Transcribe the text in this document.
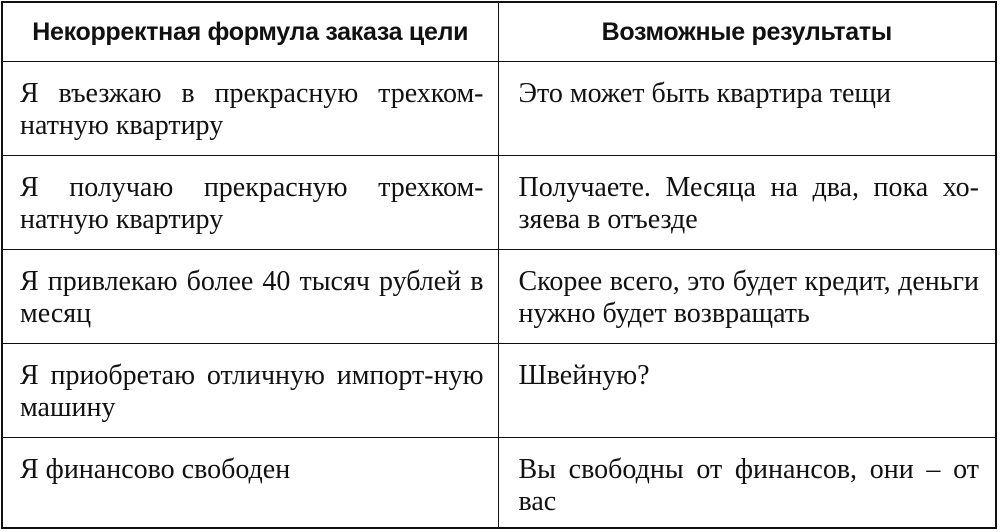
Некорректная формула заказа цели	Возможные результаты
Я въезжаю в прекрасную трехком-натную квартиру	Это может быть квартира тещи
Я получаю прекрасную трехком-натную квартиру	Получаете. Месяца на два, пока хо-зяева в отъезде
Я привлекаю более 40 тысяч рублей в месяц	Скорее всего, это будет кредит, деньги нужно будет возвращать
Я приобретаю отличную импорт-ную машину	Швейную?
Я финансово свободен	Вы свободны от финансов, они – от вас
